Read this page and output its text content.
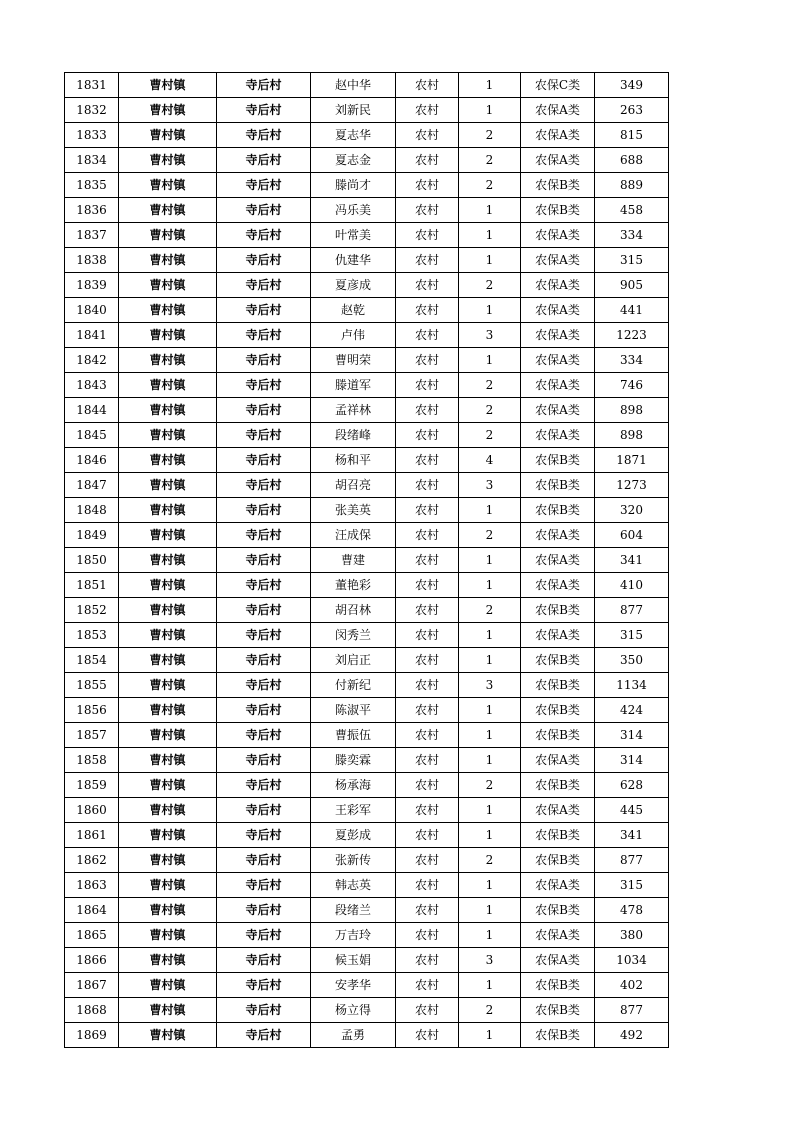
1831	曹村镇	寺后村	赵中华	农村	1	农保C类	349
1832	曹村镇	寺后村	刘新民	农村	1	农保A类	263
1833	曹村镇	寺后村	夏志华	农村	2	农保A类	815
1834	曹村镇	寺后村	夏志金	农村	2	农保A类	688
1835	曹村镇	寺后村	滕尚才	农村	2	农保B类	889
1836	曹村镇	寺后村	冯乐美	农村	1	农保B类	458
1837	曹村镇	寺后村	叶常美	农村	1	农保A类	334
1838	曹村镇	寺后村	仇建华	农村	1	农保A类	315
1839	曹村镇	寺后村	夏彦成	农村	2	农保A类	905
1840	曹村镇	寺后村	赵乾	农村	1	农保A类	441
1841	曹村镇	寺后村	卢伟	农村	3	农保A类	1223
1842	曹村镇	寺后村	曹明荣	农村	1	农保A类	334
1843	曹村镇	寺后村	滕道军	农村	2	农保A类	746
1844	曹村镇	寺后村	孟祥林	农村	2	农保A类	898
1845	曹村镇	寺后村	段绪峰	农村	2	农保A类	898
1846	曹村镇	寺后村	杨和平	农村	4	农保B类	1871
1847	曹村镇	寺后村	胡召亮	农村	3	农保B类	1273
1848	曹村镇	寺后村	张美英	农村	1	农保B类	320
1849	曹村镇	寺后村	汪成保	农村	2	农保A类	604
1850	曹村镇	寺后村	曹建	农村	1	农保A类	341
1851	曹村镇	寺后村	董艳彩	农村	1	农保A类	410
1852	曹村镇	寺后村	胡召林	农村	2	农保B类	877
1853	曹村镇	寺后村	闵秀兰	农村	1	农保A类	315
1854	曹村镇	寺后村	刘启正	农村	1	农保B类	350
1855	曹村镇	寺后村	付新纪	农村	3	农保B类	1134
1856	曹村镇	寺后村	陈淑平	农村	1	农保B类	424
1857	曹村镇	寺后村	曹振伍	农村	1	农保B类	314
1858	曹村镇	寺后村	滕奕霖	农村	1	农保A类	314
1859	曹村镇	寺后村	杨承海	农村	2	农保B类	628
1860	曹村镇	寺后村	王彩军	农村	1	农保A类	445
1861	曹村镇	寺后村	夏彭成	农村	1	农保B类	341
1862	曹村镇	寺后村	张新传	农村	2	农保B类	877
1863	曹村镇	寺后村	韩志英	农村	1	农保A类	315
1864	曹村镇	寺后村	段绪兰	农村	1	农保B类	478
1865	曹村镇	寺后村	万吉玲	农村	1	农保A类	380
1866	曹村镇	寺后村	候玉娟	农村	3	农保A类	1034
1867	曹村镇	寺后村	安孝华	农村	1	农保B类	402
1868	曹村镇	寺后村	杨立得	农村	2	农保B类	877
1869	曹村镇	寺后村	孟勇	农村	1	农保B类	492
